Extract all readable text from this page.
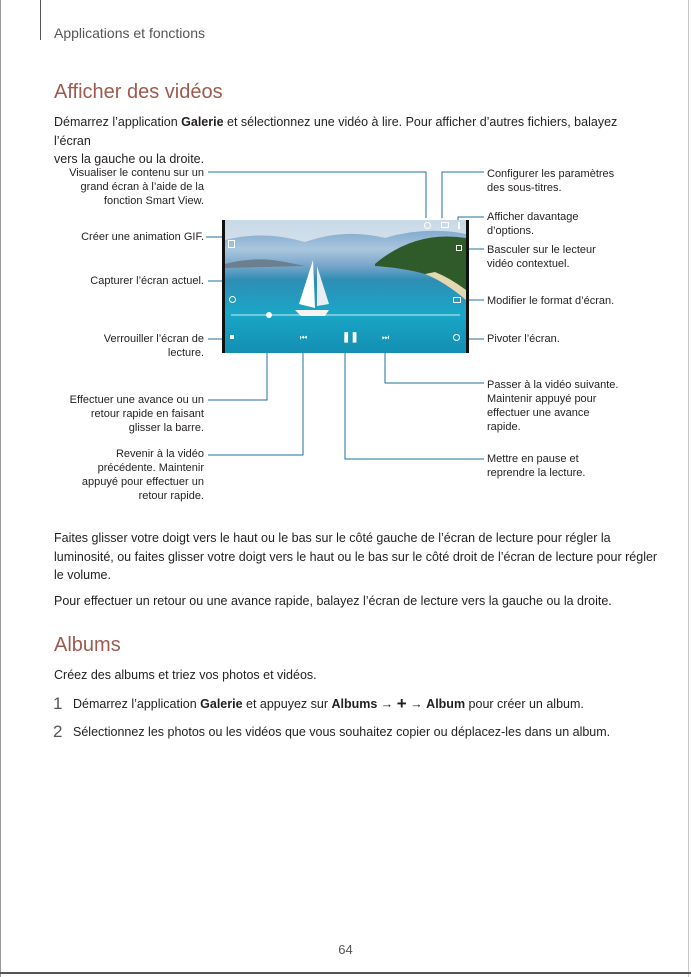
Applications et fonctions
Afficher des vidéos

Démarrez l’application Galerie et sélectionnez une vidéo à lire. Pour afficher d’autres fichiers, balayez l’écran
vers la gauche ou la droite.

⏮	❚❚	⏭
Visualiser le contenu sur un
grand écran à l’aide de la
fonction Smart View.
Créer une animation GIF.
Capturer l’écran actuel.
Verrouiller l’écran de
lecture.
Effectuer une avance ou un
retour rapide en faisant
glisser la barre.
Revenir à la vidéo
précédente. Maintenir
appuyé pour effectuer un
retour rapide.
Configurer les paramètres
des sous-titres.
Afficher davantage
d’options.
Basculer sur le lecteur
vidéo contextuel.
Modifier le format d’écran.
Pivoter l’écran.
Passer à la vidéo suivante.
Maintenir appuyé pour
effectuer une avance
rapide.
Mettre en pause et
reprendre la lecture.

Faites glisser votre doigt vers le haut ou le bas sur le côté gauche de l’écran de lecture pour régler la
luminosité, ou faites glisser votre doigt vers le haut ou le bas sur le côté droit de l’écran de lecture pour régler
le volume.

Pour effectuer un retour ou une avance rapide, balayez l’écran de lecture vers la gauche ou la droite.

Albums

Créez des albums et triez vos photos et vidéos.

1 Démarrez l’application Galerie et appuyez sur Albums → + → Album pour créer un album.
2 Sélectionnez les photos ou les vidéos que vous souhaitez copier ou déplacez-les dans un album.
64
